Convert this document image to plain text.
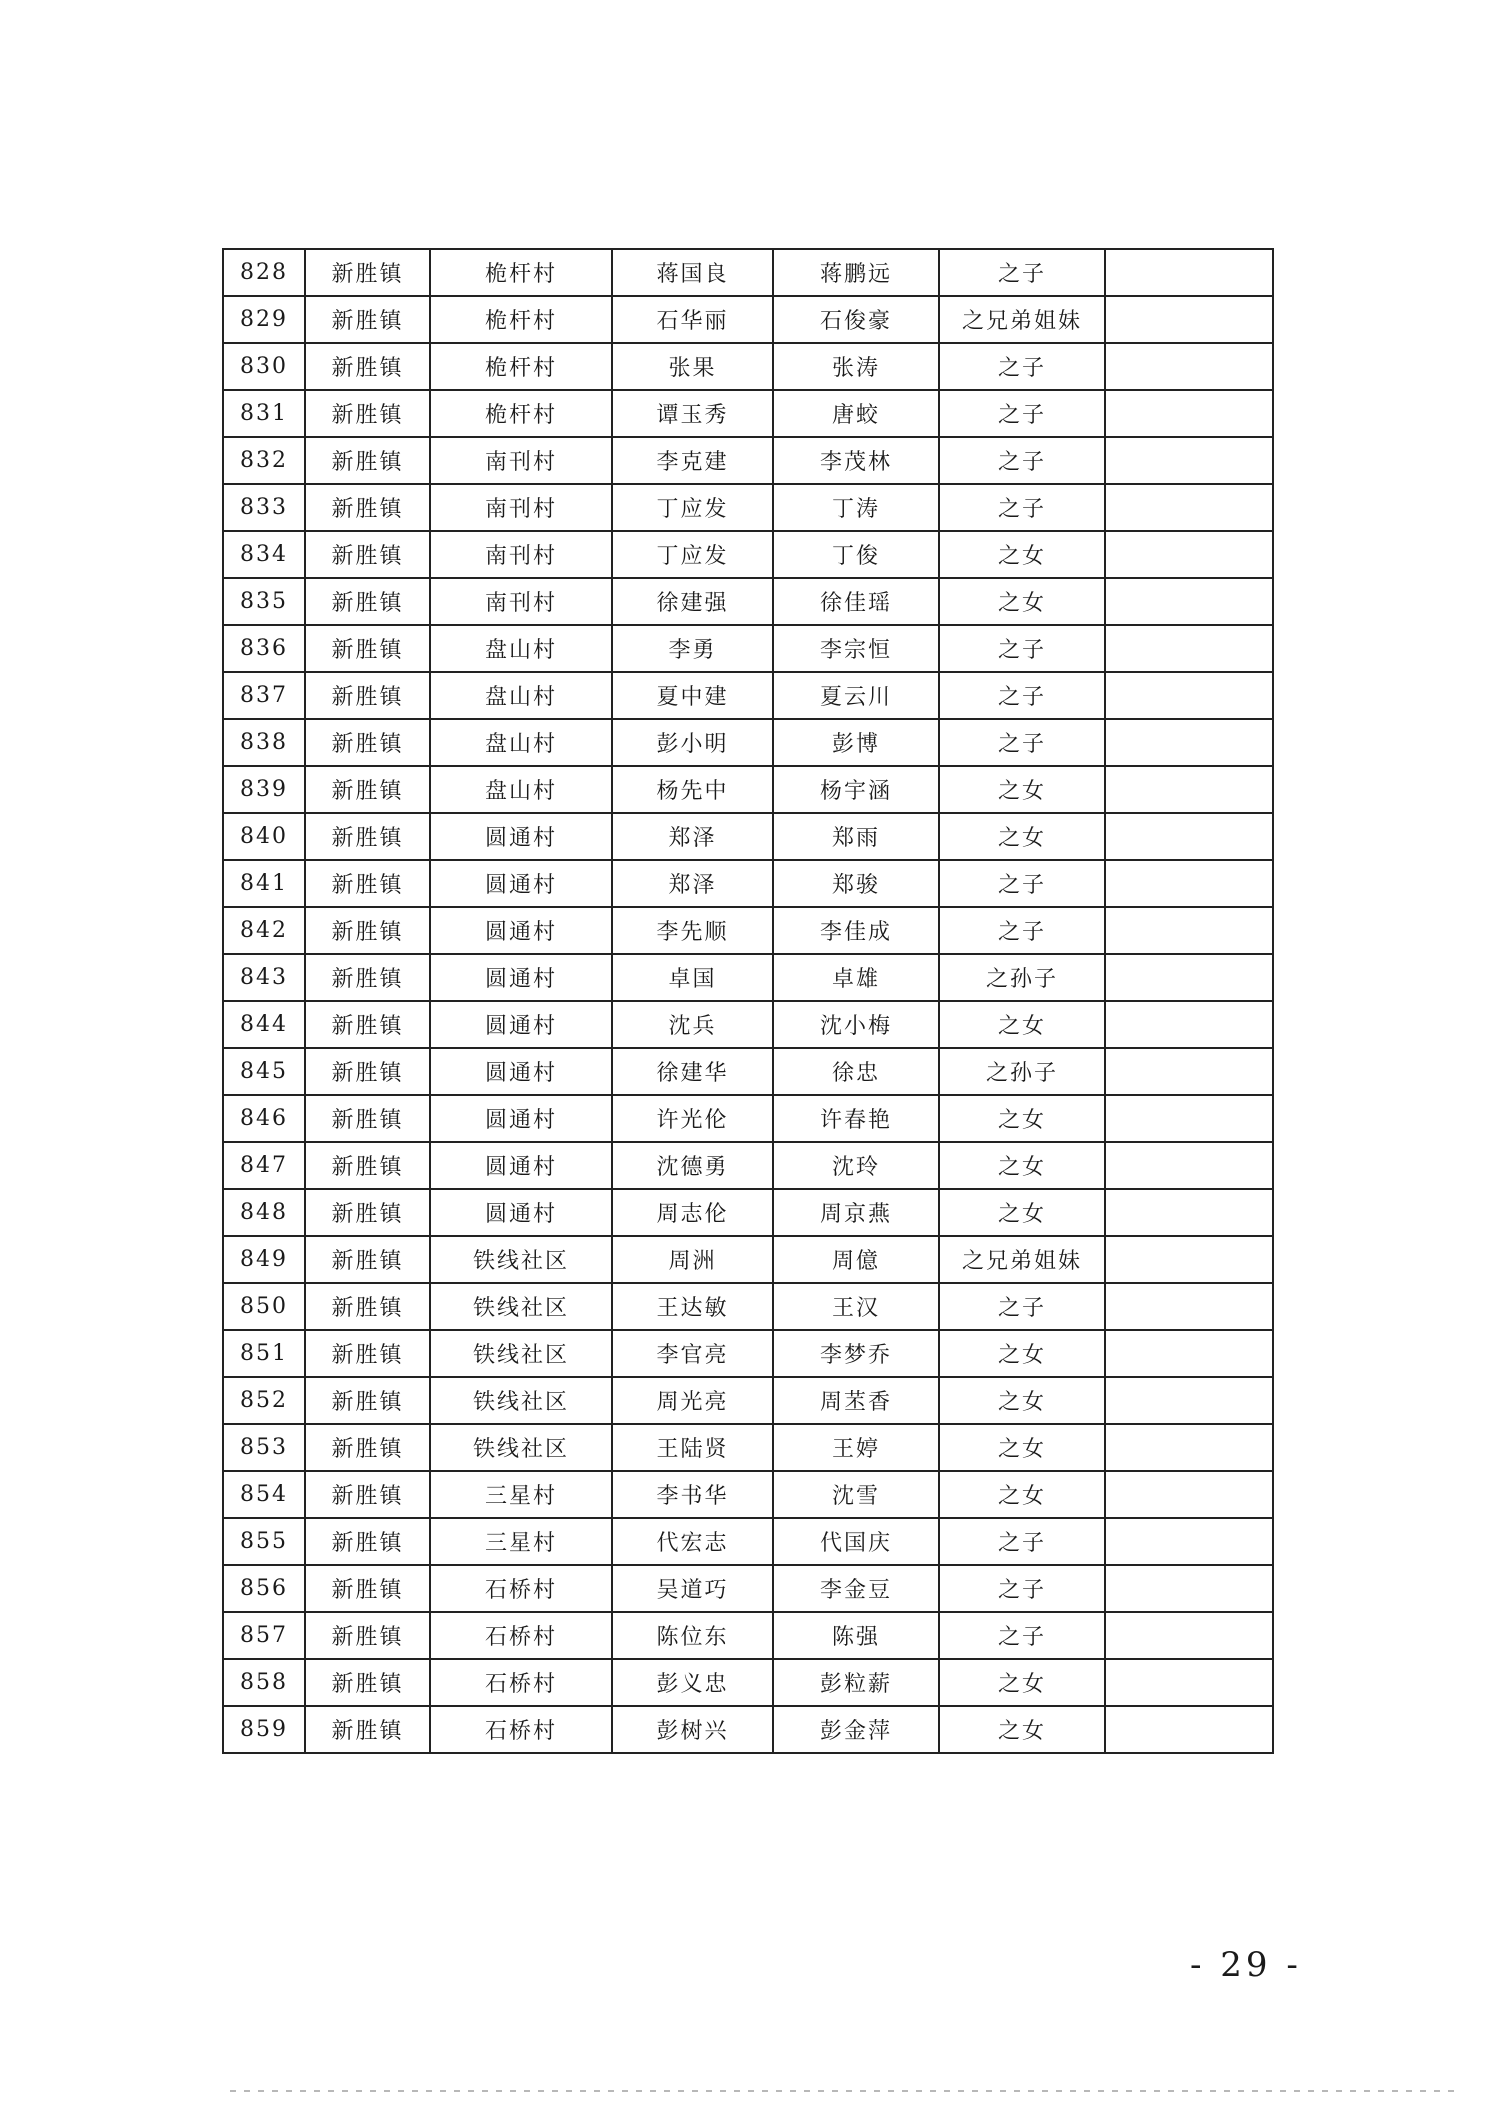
828	新胜镇	桅杆村	蒋国良	蒋鹏远	之子	
829	新胜镇	桅杆村	石华丽	石俊豪	之兄弟姐妹	
830	新胜镇	桅杆村	张果	张涛	之子	
831	新胜镇	桅杆村	谭玉秀	唐蛟	之子	
832	新胜镇	南刊村	李克建	李茂林	之子	
833	新胜镇	南刊村	丁应发	丁涛	之子	
834	新胜镇	南刊村	丁应发	丁俊	之女	
835	新胜镇	南刊村	徐建强	徐佳瑶	之女	
836	新胜镇	盘山村	李勇	李宗恒	之子	
837	新胜镇	盘山村	夏中建	夏云川	之子	
838	新胜镇	盘山村	彭小明	彭博	之子	
839	新胜镇	盘山村	杨先中	杨宇涵	之女	
840	新胜镇	圆通村	郑泽	郑雨	之女	
841	新胜镇	圆通村	郑泽	郑骏	之子	
842	新胜镇	圆通村	李先顺	李佳成	之子	
843	新胜镇	圆通村	卓国	卓雄	之孙子	
844	新胜镇	圆通村	沈兵	沈小梅	之女	
845	新胜镇	圆通村	徐建华	徐忠	之孙子	
846	新胜镇	圆通村	许光伦	许春艳	之女	
847	新胜镇	圆通村	沈德勇	沈玲	之女	
848	新胜镇	圆通村	周志伦	周京燕	之女	
849	新胜镇	铁线社区	周洲	周億	之兄弟姐妹	
850	新胜镇	铁线社区	王达敏	王汉	之子	
851	新胜镇	铁线社区	李官亮	李梦乔	之女	
852	新胜镇	铁线社区	周光亮	周苤香	之女	
853	新胜镇	铁线社区	王陆贤	王婷	之女	
854	新胜镇	三星村	李书华	沈雪	之女	
855	新胜镇	三星村	代宏志	代国庆	之子	
856	新胜镇	石桥村	吴道巧	李金豆	之子	
857	新胜镇	石桥村	陈位东	陈强	之子	
858	新胜镇	石桥村	彭义忠	彭粒薪	之女	
859	新胜镇	石桥村	彭树兴	彭金萍	之女	
- 29 -
